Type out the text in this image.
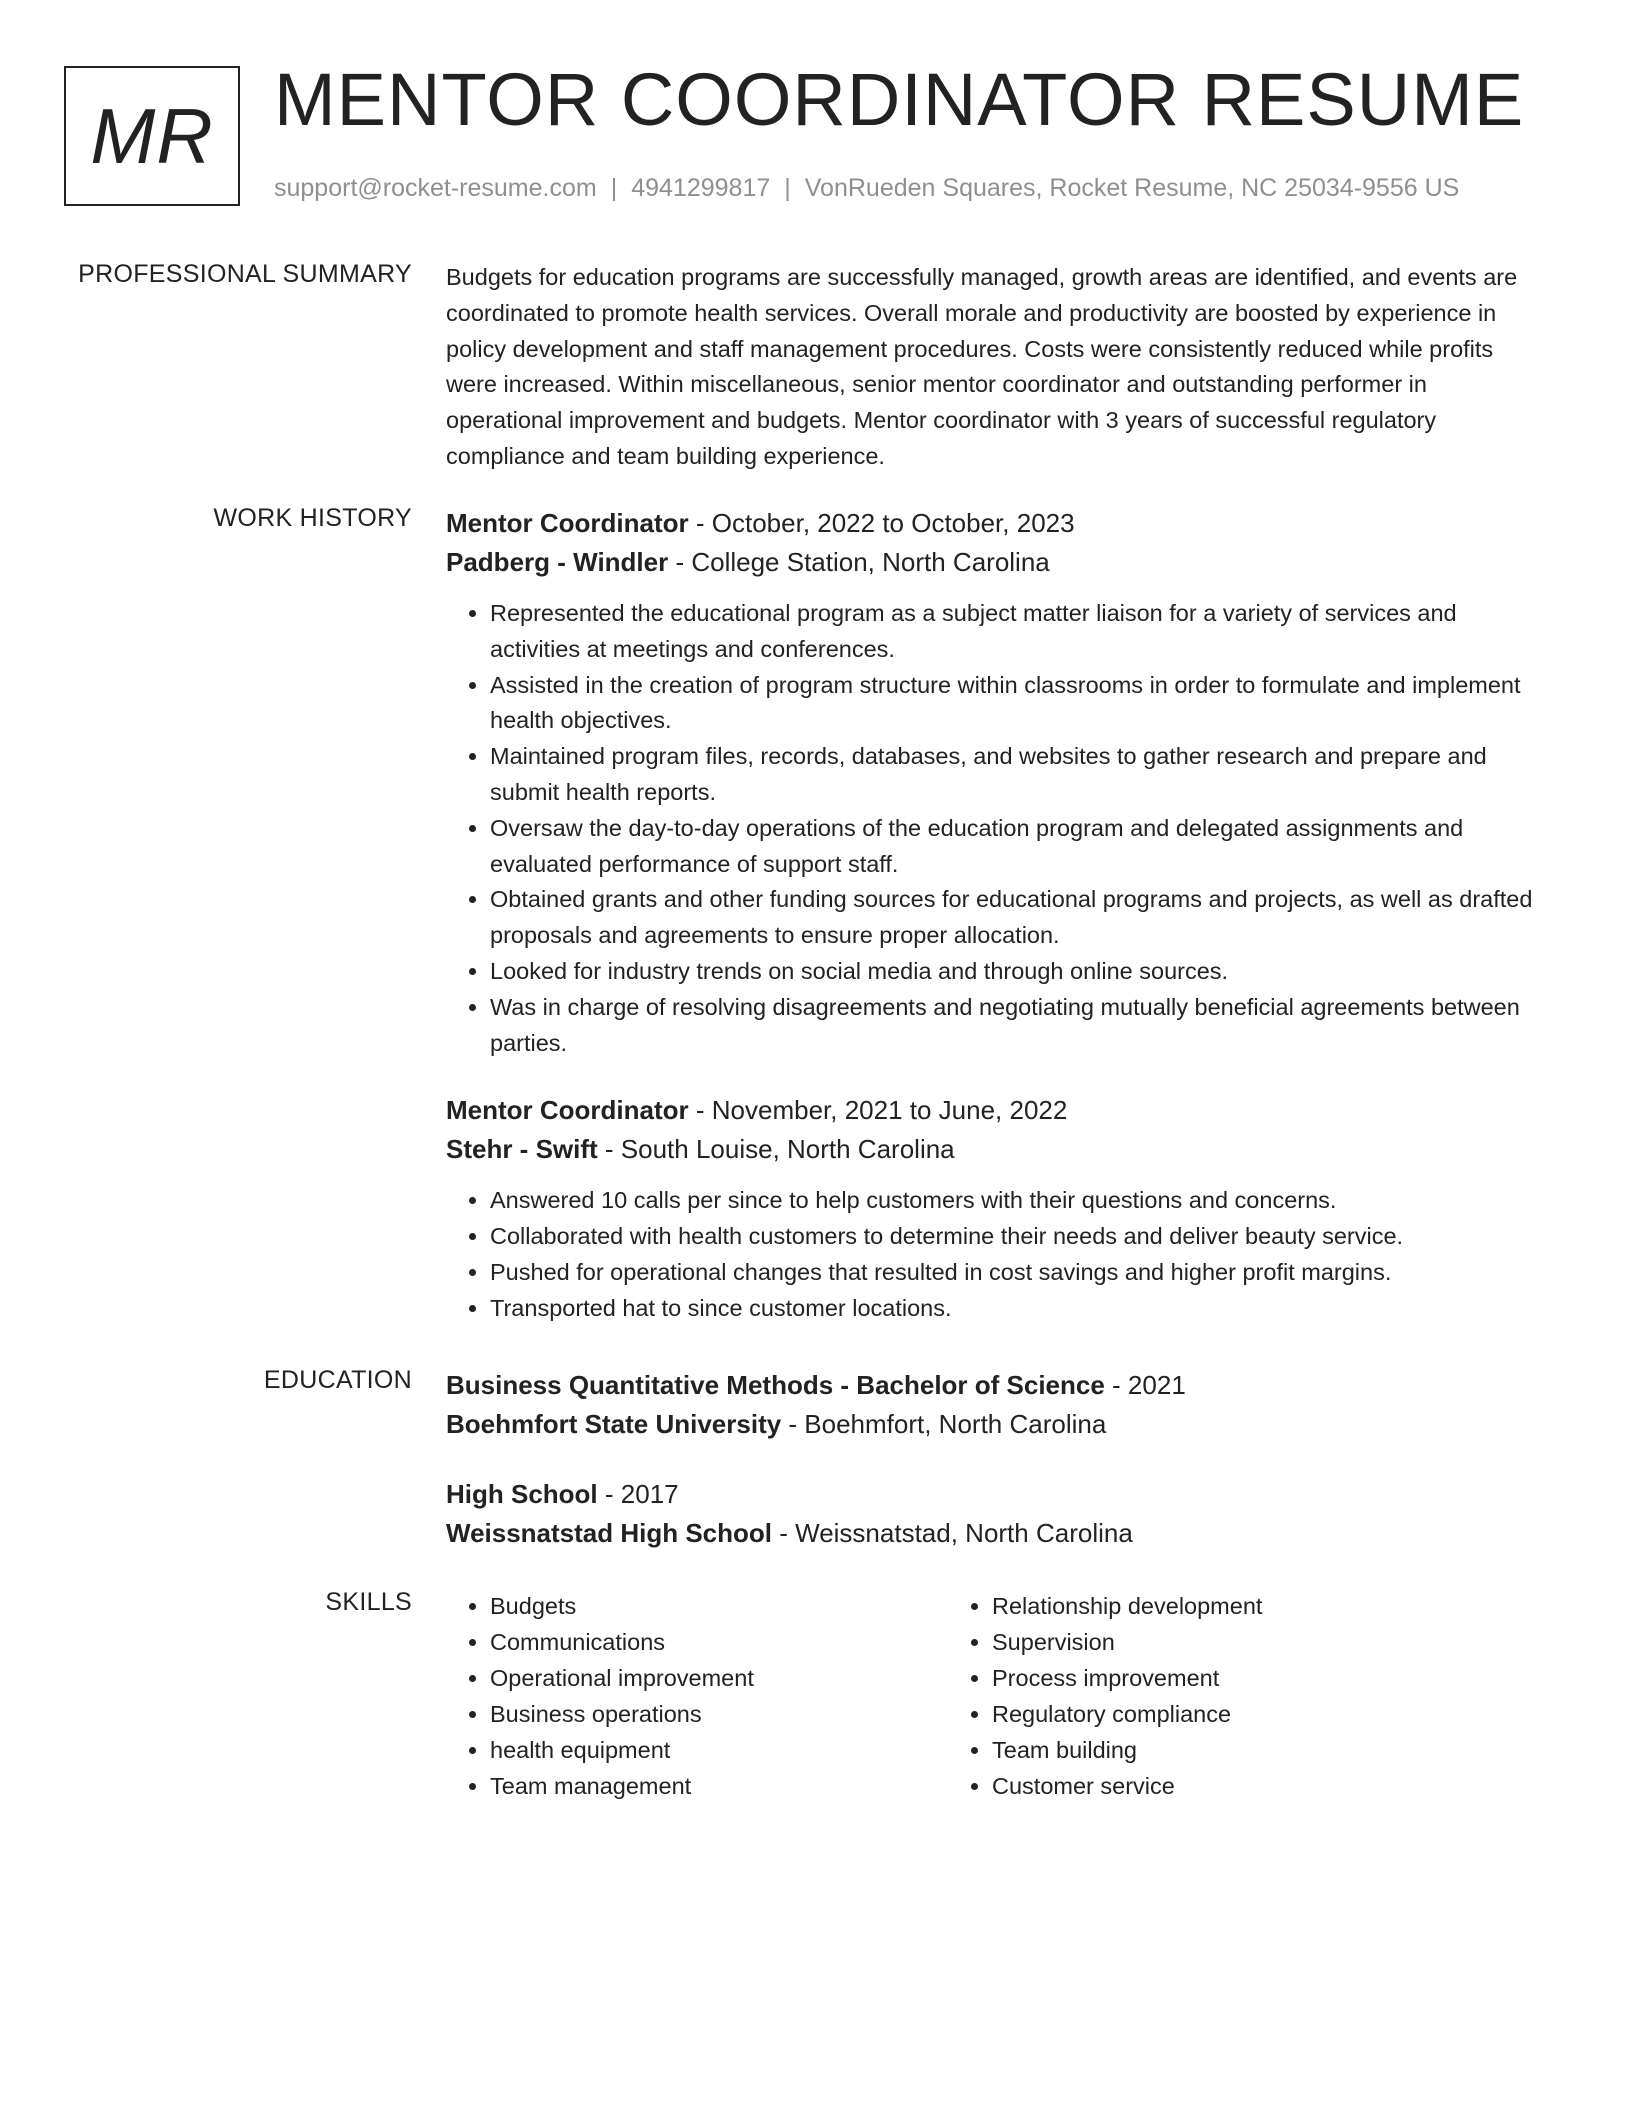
MR MENTOR COORDINATOR RESUME
support@rocket-resume.com | 4941299817 | VonRueden Squares, Rocket Resume, NC 25034-9556 US
PROFESSIONAL SUMMARY Budgets for education programs are successfully managed, growth areas are identified, and events are coordinated to promote health services. Overall morale and productivity are boosted by experience in policy development and staff management procedures. Costs were consistently reduced while profits were increased. Within miscellaneous, senior mentor coordinator and outstanding performer in operational improvement and budgets. Mentor coordinator with 3 years of successful regulatory compliance and team building experience.
WORK HISTORY Mentor Coordinator - October, 2022 to October, 2023
Padberg - Windler - College Station, North Carolina
• Represented the educational program as a subject matter liaison for a variety of services and activities at meetings and conferences.
• Assisted in the creation of program structure within classrooms in order to formulate and implement health objectives.
• Maintained program files, records, databases, and websites to gather research and prepare and submit health reports.
• Oversaw the day-to-day operations of the education program and delegated assignments and evaluated performance of support staff.
• Obtained grants and other funding sources for educational programs and projects, as well as drafted proposals and agreements to ensure proper allocation.
• Looked for industry trends on social media and through online sources.
• Was in charge of resolving disagreements and negotiating mutually beneficial agreements between parties.
Mentor Coordinator - November, 2021 to June, 2022
Stehr - Swift - South Louise, North Carolina
• Answered 10 calls per since to help customers with their questions and concerns.
• Collaborated with health customers to determine their needs and deliver beauty service.
• Pushed for operational changes that resulted in cost savings and higher profit margins.
• Transported hat to since customer locations.
EDUCATION Business Quantitative Methods - Bachelor of Science - 2021
Boehmfort State University - Boehmfort, North Carolina
High School - 2017
Weissnatstad High School - Weissnatstad, North Carolina
SKILLS
•	Budgets
• Communications
• Operational improvement
• Business operations
• health equipment
• Team management
• Relationship development
• Supervision
• Process improvement
• Regulatory compliance
• Team building
• Customer service
